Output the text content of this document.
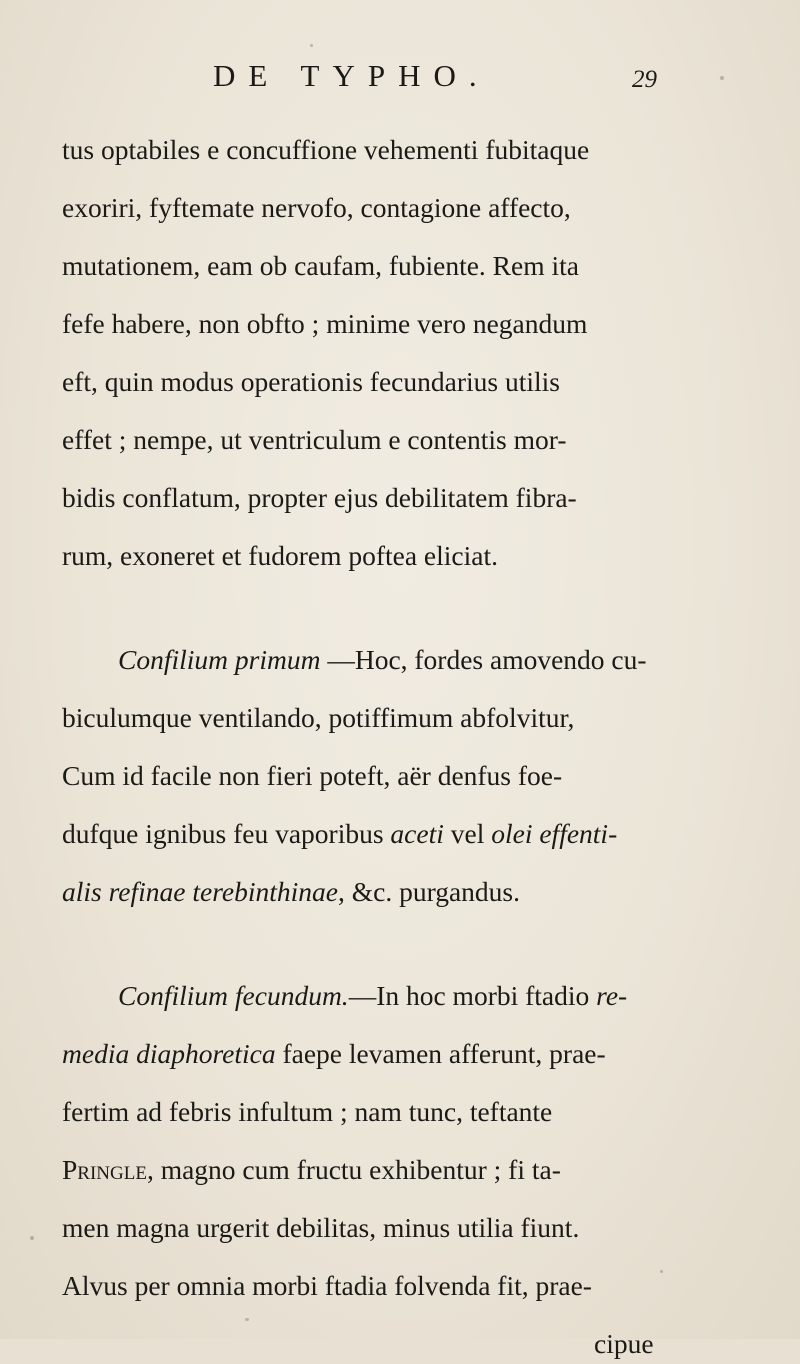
DE TYPHO.	29
tus optabiles e concuffione vehementi fubitaque
exoriri, fyftemate nervofo, contagione affecto,
mutationem, eam ob caufam, fubiente. Rem ita
fefe habere, non obfto ; minime vero negandum
eft, quin modus operationis fecundarius utilis
effet ; nempe, ut ventriculum e contentis mor-
bidis conflatum, propter ejus debilitatem fibra-
rum, exoneret et fudorem poftea eliciat.
Confilium primum —Hoc, fordes amovendo cu-
biculumque ventilando, potiffimum abfolvitur,
Cum id facile non fieri poteft, aër denfus foe-
dufque ignibus feu vaporibus aceti vel olei effenti-
alis refinae terebinthinae, &c. purgandus.
Confilium fecundum.—In hoc morbi ftadio re-
media diaphoretica faepe levamen afferunt, prae-
fertim ad febris infultum ; nam tunc, teftante
Pringle, magno cum fructu exhibentur ; fi ta-
men magna urgerit debilitas, minus utilia fiunt.
Alvus per omnia morbi ftadia folvenda fit, prae-
cipue
